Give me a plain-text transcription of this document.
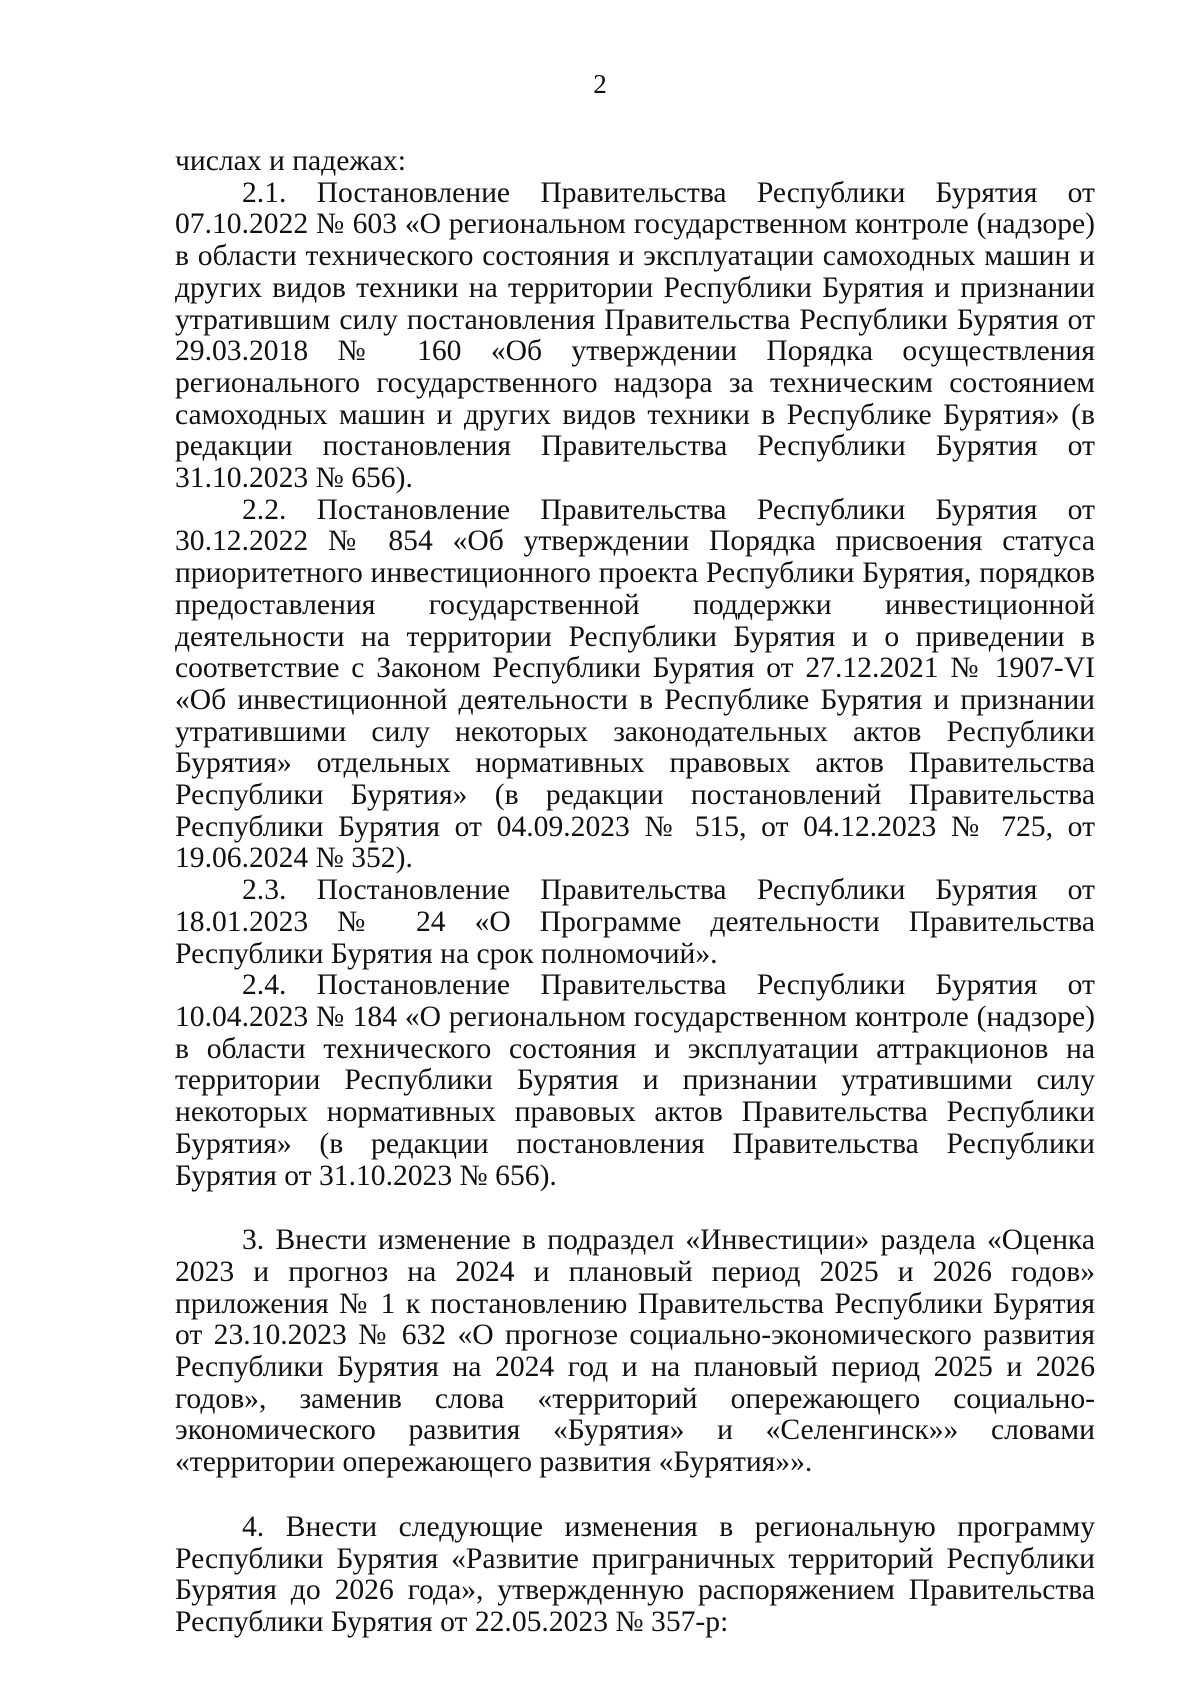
2

числах и падежах:

2.1. Постановление Правительства Республики Бурятия от 07.10.2022 № 603 «О региональном государственном контроле (надзоре) в области технического состояния и эксплуатации самоходных машин и других видов техники на территории Республики Бурятия и признании утратившим силу постановления Правительства Республики Бурятия от 29.03.2018 № 160 «Об утверждении Порядка осуществления регионального государственного надзора за техническим состоянием самоходных машин и других видов техники в Республике Бурятия» (в редакции постановления Правительства Республики Бурятия от 31.10.2023 № 656).

2.2. Постановление Правительства Республики Бурятия от 30.12.2022 № 854 «Об утверждении Порядка присвоения статуса приоритетного инвестиционного проекта Республики Бурятия, порядков предоставления государственной поддержки инвестиционной деятельности на территории Республики Бурятия и о приведении в соответствие с Законом Республики Бурятия от 27.12.2021 № 1907-VI «Об инвестиционной деятельности в Республике Бурятия и признании утратившими силу некоторых законодательных актов Республики Бурятия» отдельных нормативных правовых актов Правительства Республики Бурятия» (в редакции постановлений Правительства Республики Бурятия от 04.09.2023 № 515, от 04.12.2023 № 725, от 19.06.2024 № 352).

2.3. Постановление Правительства Республики Бурятия от 18.01.2023 № 24 «О Программе деятельности Правительства Республики Бурятия на срок полномочий».

2.4. Постановление Правительства Республики Бурятия от 10.04.2023 № 184 «О региональном государственном контроле (надзоре) в области технического состояния и эксплуатации аттракционов на территории Республики Бурятия и признании утратившими силу некоторых нормативных правовых актов Правительства Республики Бурятия» (в редакции постановления Правительства Республики Бурятия от 31.10.2023 № 656).

3. Внести изменение в подраздел «Инвестиции» раздела «Оценка 2023 и прогноз на 2024 и плановый период 2025 и 2026 годов» приложения № 1 к постановлению Правительства Республики Бурятия от 23.10.2023 № 632 «О прогнозе социально-экономического развития Республики Бурятия на 2024 год и на плановый период 2025 и 2026 годов», заменив слова «территорий опережающего социально-экономического развития «Бурятия» и «Селенгинск»» словами «территории опережающего развития «Бурятия»».

4. Внести следующие изменения в региональную программу Республики Бурятия «Развитие приграничных территорий Республики Бурятия до 2026 года», утвержденную распоряжением Правительства Республики Бурятия от 22.05.2023 № 357-р:
